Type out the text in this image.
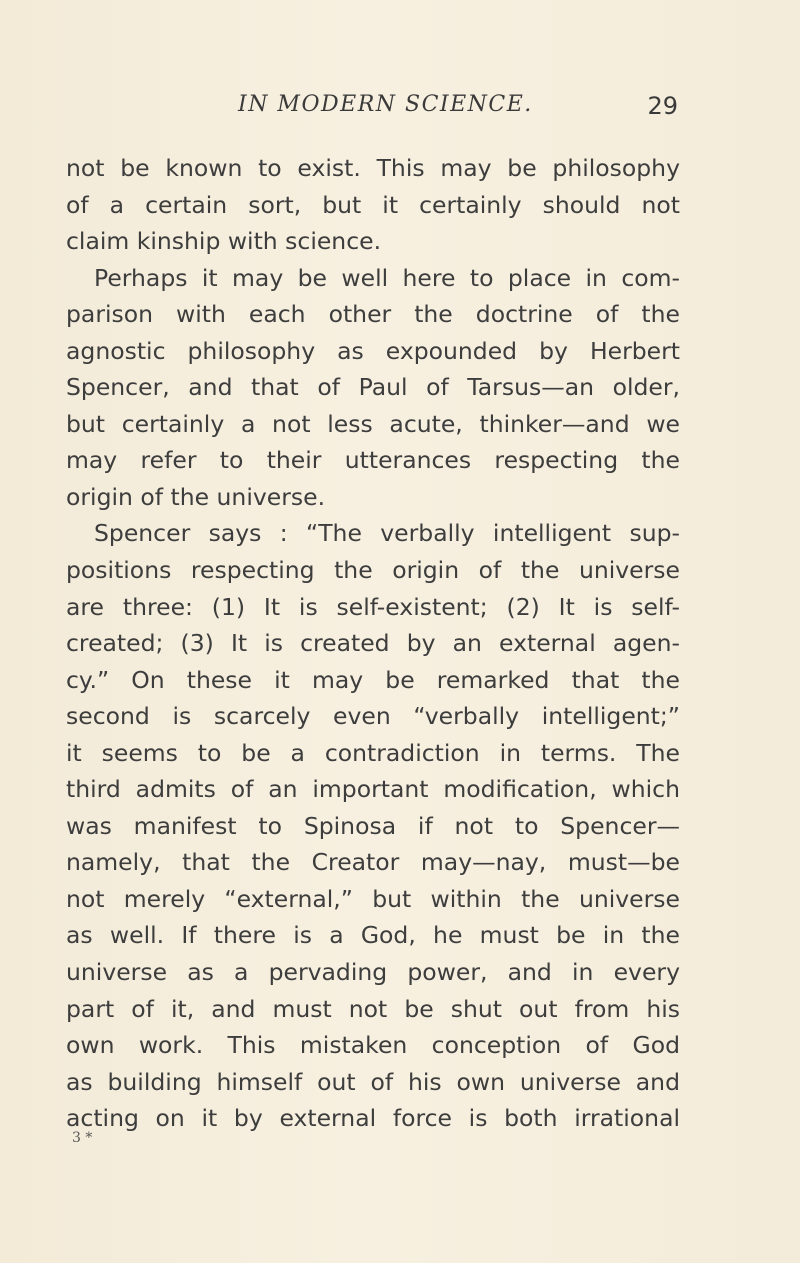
IN MODERN SCIENCE.	29
not be known to exist. This may be philosophy
of a certain sort, but it certainly should not
claim kinship with science.
Perhaps it may be well here to place in com-
parison with each other the doctrine of the
agnostic philosophy as expounded by Herbert
Spencer, and that of Paul of Tarsus—an older,
but certainly a not less acute, thinker—and we
may refer to their utterances respecting the
origin of the universe.
Spencer says : “The verbally intelligent sup-
positions respecting the origin of the universe
are three: (1) It is self-existent; (2) It is self-
created; (3) It is created by an external agen-
cy.” On these it may be remarked that the
second is scarcely even “verbally intelligent;”
it seems to be a contradiction in terms. The
third admits of an important modification, which
was manifest to Spinosa if not to Spencer—
namely, that the Creator may—nay, must—be
not merely “external,” but within the universe
as well. If there is a God, he must be in the
universe as a pervading power, and in every
part of it, and must not be shut out from his
own work. This mistaken conception of God
as building himself out of his own universe and
acting on it by external force is both irrational
3 *
